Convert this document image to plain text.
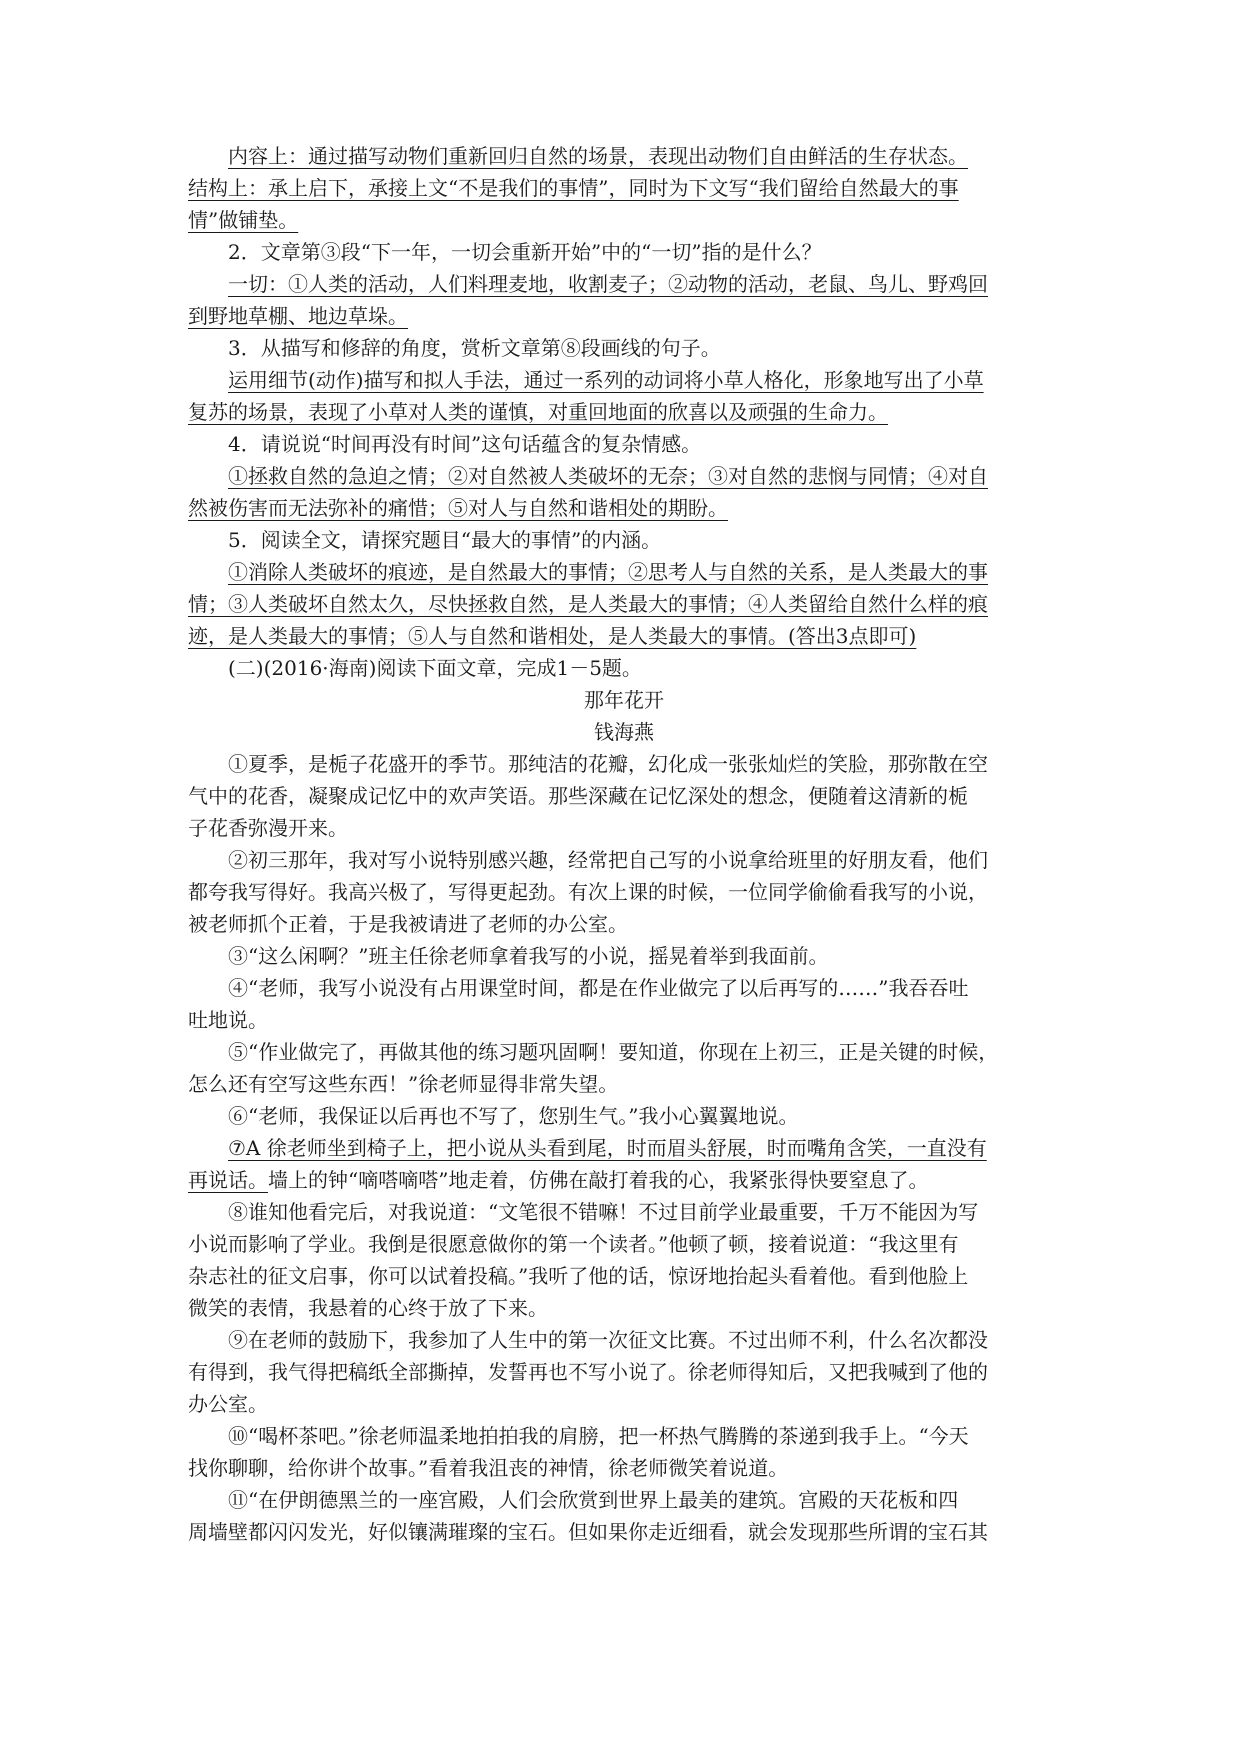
内容上：通过描写动物们重新回归自然的场景，表现出动物们自由鲜活的生存状态。
结构上：承上启下，承接上文“不是我们的事情”，同时为下文写“我们留给自然最大的事
情”做铺垫。
2．文章第③段“下一年，一切会重新开始”中的“一切”指的是什么？
一切：①人类的活动，人们料理麦地，收割麦子；②动物的活动，老鼠、鸟儿、野鸡回
到野地草棚、地边草垛。
3．从描写和修辞的角度，赏析文章第⑧段画线的句子。
运用细节(动作)描写和拟人手法，通过一系列的动词将小草人格化，形象地写出了小草
复苏的场景，表现了小草对人类的谨慎，对重回地面的欣喜以及顽强的生命力。
4．请说说“时间再没有时间”这句话蕴含的复杂情感。
①拯救自然的急迫之情；②对自然被人类破坏的无奈；③对自然的悲悯与同情；④对自
然被伤害而无法弥补的痛惜；⑤对人与自然和谐相处的期盼。
5．阅读全文，请探究题目“最大的事情”的内涵。
①消除人类破坏的痕迹，是自然最大的事情；②思考人与自然的关系，是人类最大的事
情；③人类破坏自然太久，尽快拯救自然，是人类最大的事情；④人类留给自然什么样的痕
迹，是人类最大的事情；⑤人与自然和谐相处，是人类最大的事情。(答出3点即可)
(二)(2016·海南)阅读下面文章，完成1－5题。
那年花开
钱海燕
①夏季，是栀子花盛开的季节。那纯洁的花瓣，幻化成一张张灿烂的笑脸，那弥散在空
气中的花香，凝聚成记忆中的欢声笑语。那些深藏在记忆深处的想念，便随着这清新的栀
子花香弥漫开来。
②初三那年，我对写小说特别感兴趣，经常把自己写的小说拿给班里的好朋友看，他们
都夸我写得好。我高兴极了，写得更起劲。有次上课的时候，一位同学偷偷看我写的小说，
被老师抓个正着，于是我被请进了老师的办公室。
③“这么闲啊？”班主任徐老师拿着我写的小说，摇晃着举到我面前。
④“老师，我写小说没有占用课堂时间，都是在作业做完了以后再写的……”我吞吞吐
吐地说。
⑤“作业做完了，再做其他的练习题巩固啊！要知道，你现在上初三，正是关键的时候，
怎么还有空写这些东西！”徐老师显得非常失望。
⑥“老师，我保证以后再也不写了，您别生气。”我小心翼翼地说。
⑦A 徐老师坐到椅子上，把小说从头看到尾，时而眉头舒展，时而嘴角含笑，一直没有
再说话。墙上的钟“嘀嗒嘀嗒”地走着，仿佛在敲打着我的心，我紧张得快要窒息了。
⑧谁知他看完后，对我说道：“文笔很不错嘛！不过目前学业最重要，千万不能因为写
小说而影响了学业。我倒是很愿意做你的第一个读者。”他顿了顿，接着说道：“我这里有
杂志社的征文启事，你可以试着投稿。”我听了他的话，惊讶地抬起头看着他。看到他脸上
微笑的表情，我悬着的心终于放了下来。
⑨在老师的鼓励下，我参加了人生中的第一次征文比赛。不过出师不利，什么名次都没
有得到，我气得把稿纸全部撕掉，发誓再也不写小说了。徐老师得知后，又把我喊到了他的
办公室。
⑩“喝杯茶吧。”徐老师温柔地拍拍我的肩膀，把一杯热气腾腾的茶递到我手上。“今天
找你聊聊，给你讲个故事。”看着我沮丧的神情，徐老师微笑着说道。
⑪“在伊朗德黑兰的一座宫殿，人们会欣赏到世界上最美的建筑。宫殿的天花板和四
周墙壁都闪闪发光，好似镶满璀璨的宝石。但如果你走近细看，就会发现那些所谓的宝石其
